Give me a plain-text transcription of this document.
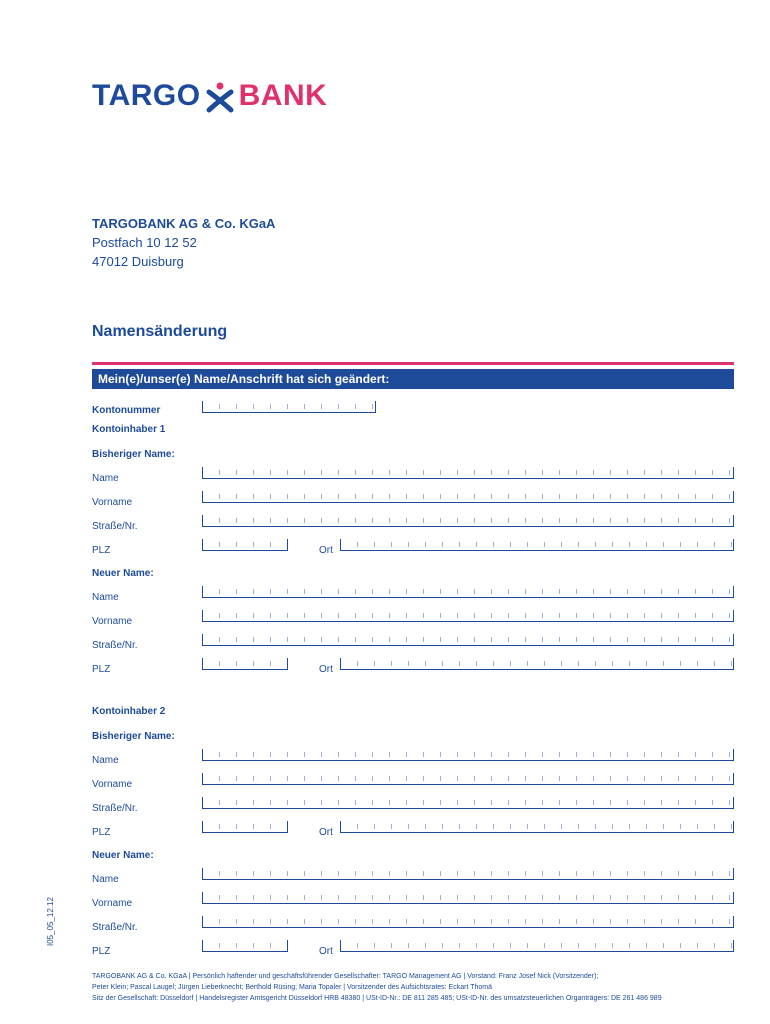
TARGO BANK
TARGOBANK AG & Co. KGaA
Postfach 10 12 52
47012 Duisburg
Namensänderung
Mein(e)/unser(e) Name/Anschrift hat sich geändert:
Kontonummer
Kontoinhaber 1
Bisheriger Name:
Name
Vorname
Straße/Nr.
PLZ	Ort
Neuer Name:
Name
Vorname
Straße/Nr.
PLZ	Ort
Kontoinhaber 2
Bisheriger Name:
Name
Vorname
Straße/Nr.
PLZ	Ort
Neuer Name:
Name
Vorname
Straße/Nr.
PLZ	Ort
I05_05_12.12
TARGOBANK AG & Co. KGaA | Persönlich haftender und geschäftsführender Gesellschafter: TARGO Management AG | Vorstand: Franz Josef Nick (Vorsitzender);
Peter Klein; Pascal Laugel; Jürgen Lieberknecht; Berthold Rüsing; Maria Topaler | Vorsitzender des Aufsichtsrates: Eckart Thomä
Sitz der Gesellschaft: Düsseldorf | Handelsregister Amtsgericht Düsseldorf HRB 48380 | USt-ID-Nr.: DE 811 285 485; USt-ID-Nr. des umsatzsteuerlichen Organträgers: DE 261 486 989
